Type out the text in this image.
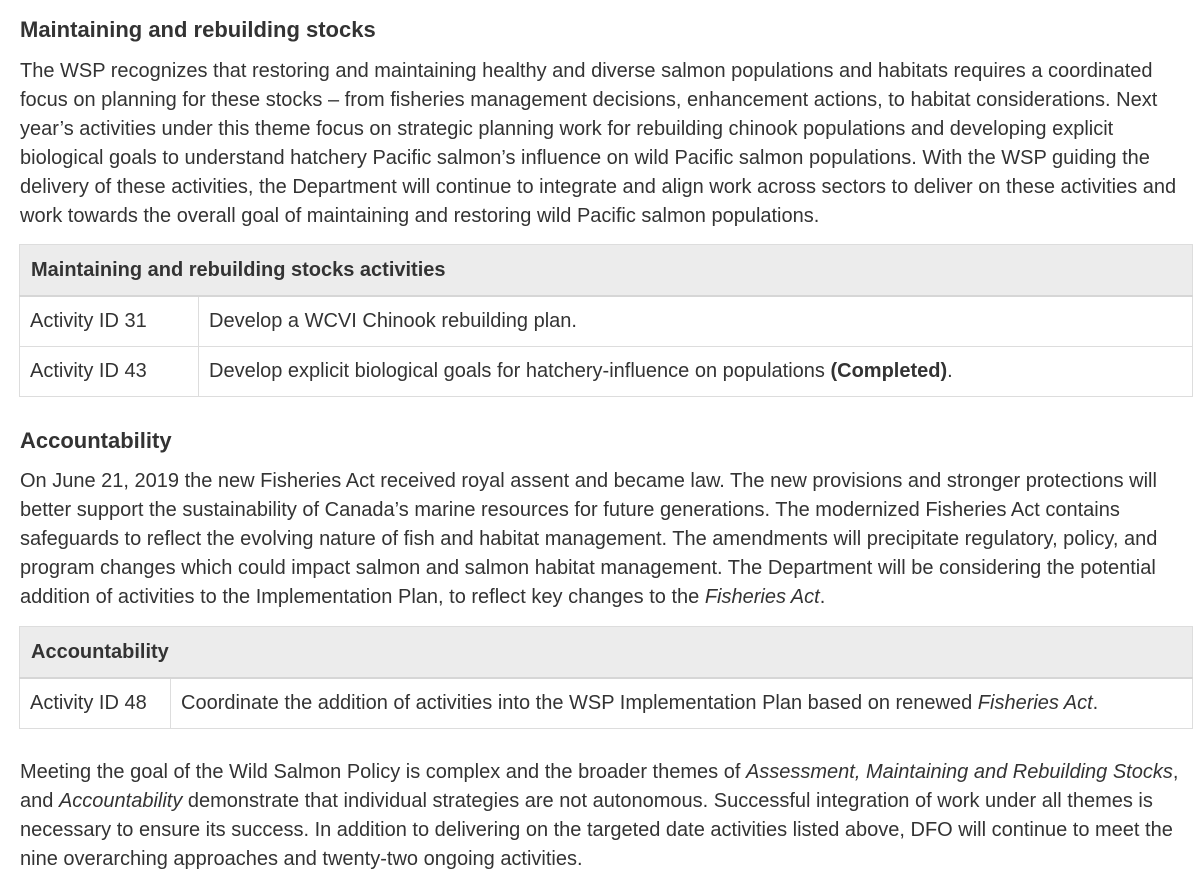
Maintaining and rebuilding stocks

The WSP recognizes that restoring and maintaining healthy and diverse salmon populations and habitats requires a coordinated focus on planning for these stocks – from fisheries management decisions, enhancement actions, to habitat considerations. Next year’s activities under this theme focus on strategic planning work for rebuilding chinook populations and developing explicit biological goals to understand hatchery Pacific salmon’s influence on wild Pacific salmon populations. With the WSP guiding the delivery of these activities, the Department will continue to integrate and align work across sectors to deliver on these activities and work towards the overall goal of maintaining and restoring wild Pacific salmon populations.

Maintaining and rebuilding stocks activities	
Activity ID 31	Develop a WCVI Chinook rebuilding plan.
Activity ID 43	Develop explicit biological goals for hatchery-influence on populations (Completed).
Accountability

On June 21, 2019 the new Fisheries Act received royal assent and became law. The new provisions and stronger protections will better support the sustainability of Canada’s marine resources for future generations. The modernized Fisheries Act contains safeguards to reflect the evolving nature of fish and habitat management. The amendments will precipitate regulatory, policy, and program changes which could impact salmon and salmon habitat management. The Department will be considering the potential addition of activities to the Implementation Plan, to reflect key changes to the Fisheries Act.

Accountability
Activity ID 48	Coordinate the addition of activities into the WSP Implementation Plan based on renewed Fisheries Act.

Meeting the goal of the Wild Salmon Policy is complex and the broader themes of Assessment, Maintaining and Rebuilding Stocks, and Accountability demonstrate that individual strategies are not autonomous. Successful integration of work under all themes is necessary to ensure its success. In addition to delivering on the targeted date activities listed above, DFO will continue to meet the nine overarching approaches and twenty-two ongoing activities.
